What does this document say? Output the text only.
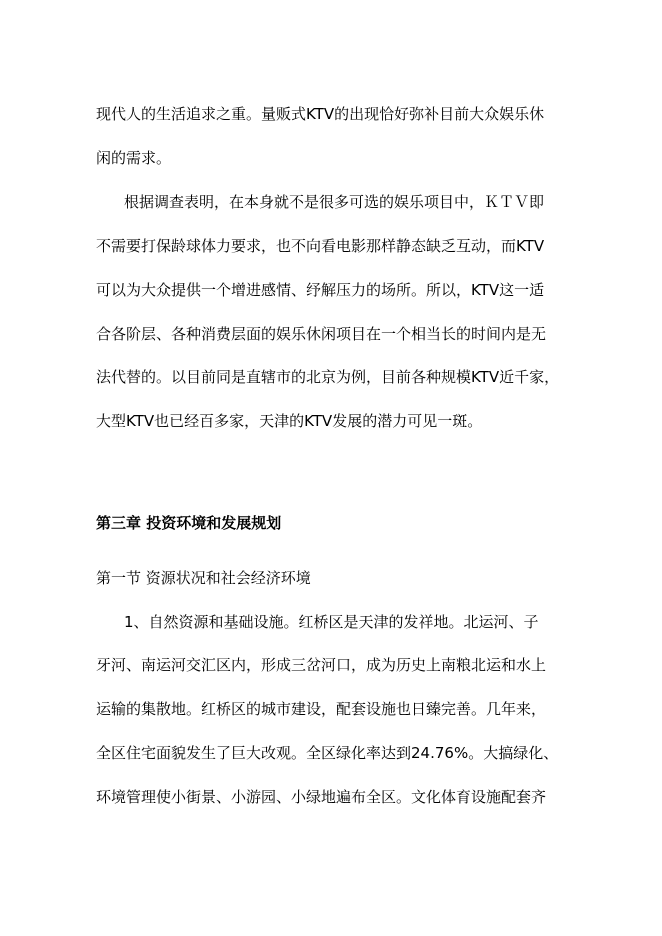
现代人的生活追求之重。量贩式KTV的出现恰好弥补目前大众娱乐休
闲的需求。
根据调查表明，在本身就不是很多可选的娱乐项目中，ＫＴＶ即
不需要打保龄球体力要求，也不向看电影那样静态缺乏互动，而KTV
可以为大众提供一个增进感情、纾解压力的场所。所以，KTV这一适
合各阶层、各种消费层面的娱乐休闲项目在一个相当长的时间内是无
法代替的。以目前同是直辖市的北京为例，目前各种规模KTV近千家，
大型KTV也已经百多家，天津的KTV发展的潜力可见一斑。
第三章 投资环境和发展规划
第一节 资源状况和社会经济环境
1、自然资源和基础设施。红桥区是天津的发祥地。北运河、子
牙河、南运河交汇区内，形成三岔河口，成为历史上南粮北运和水上
运输的集散地。红桥区的城市建设，配套设施也日臻完善。几年来，
全区住宅面貌发生了巨大改观。全区绿化率达到24.76%。大搞绿化、
环境管理使小街景、小游园、小绿地遍布全区。文化体育设施配套齐
